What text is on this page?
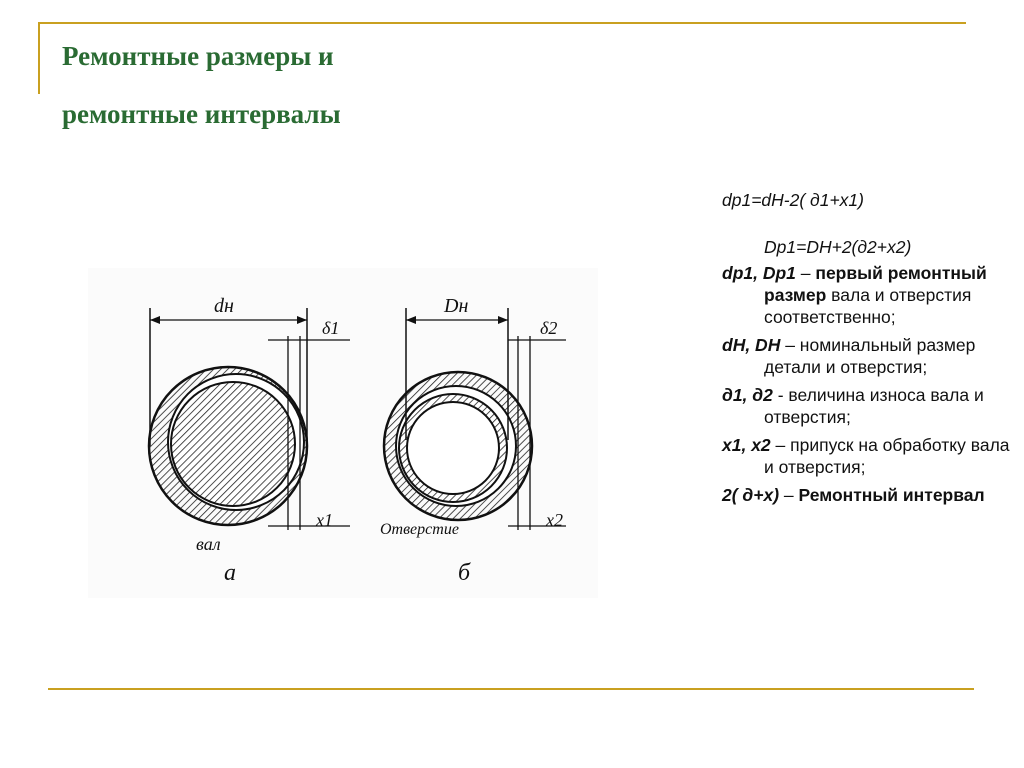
Ремонтные размеры и
ремонтные интервалы
dp1=dH-2( д1+x1)
Dp1=DH+2(д2+x2)
dp1, Dp1 – первый ремонтный размер вала и отверстия соответственно;
dH, DH – номинальный размер детали и отверстия;
д1, д2 - величина износа вала и отверстия;
x1, x2 – припуск на обработку вала и отверстия;
2( д+x) – Ремонтный интервал
dн
δ1
x1
вал
а
Dн
δ2
x2
Отверстие
б
